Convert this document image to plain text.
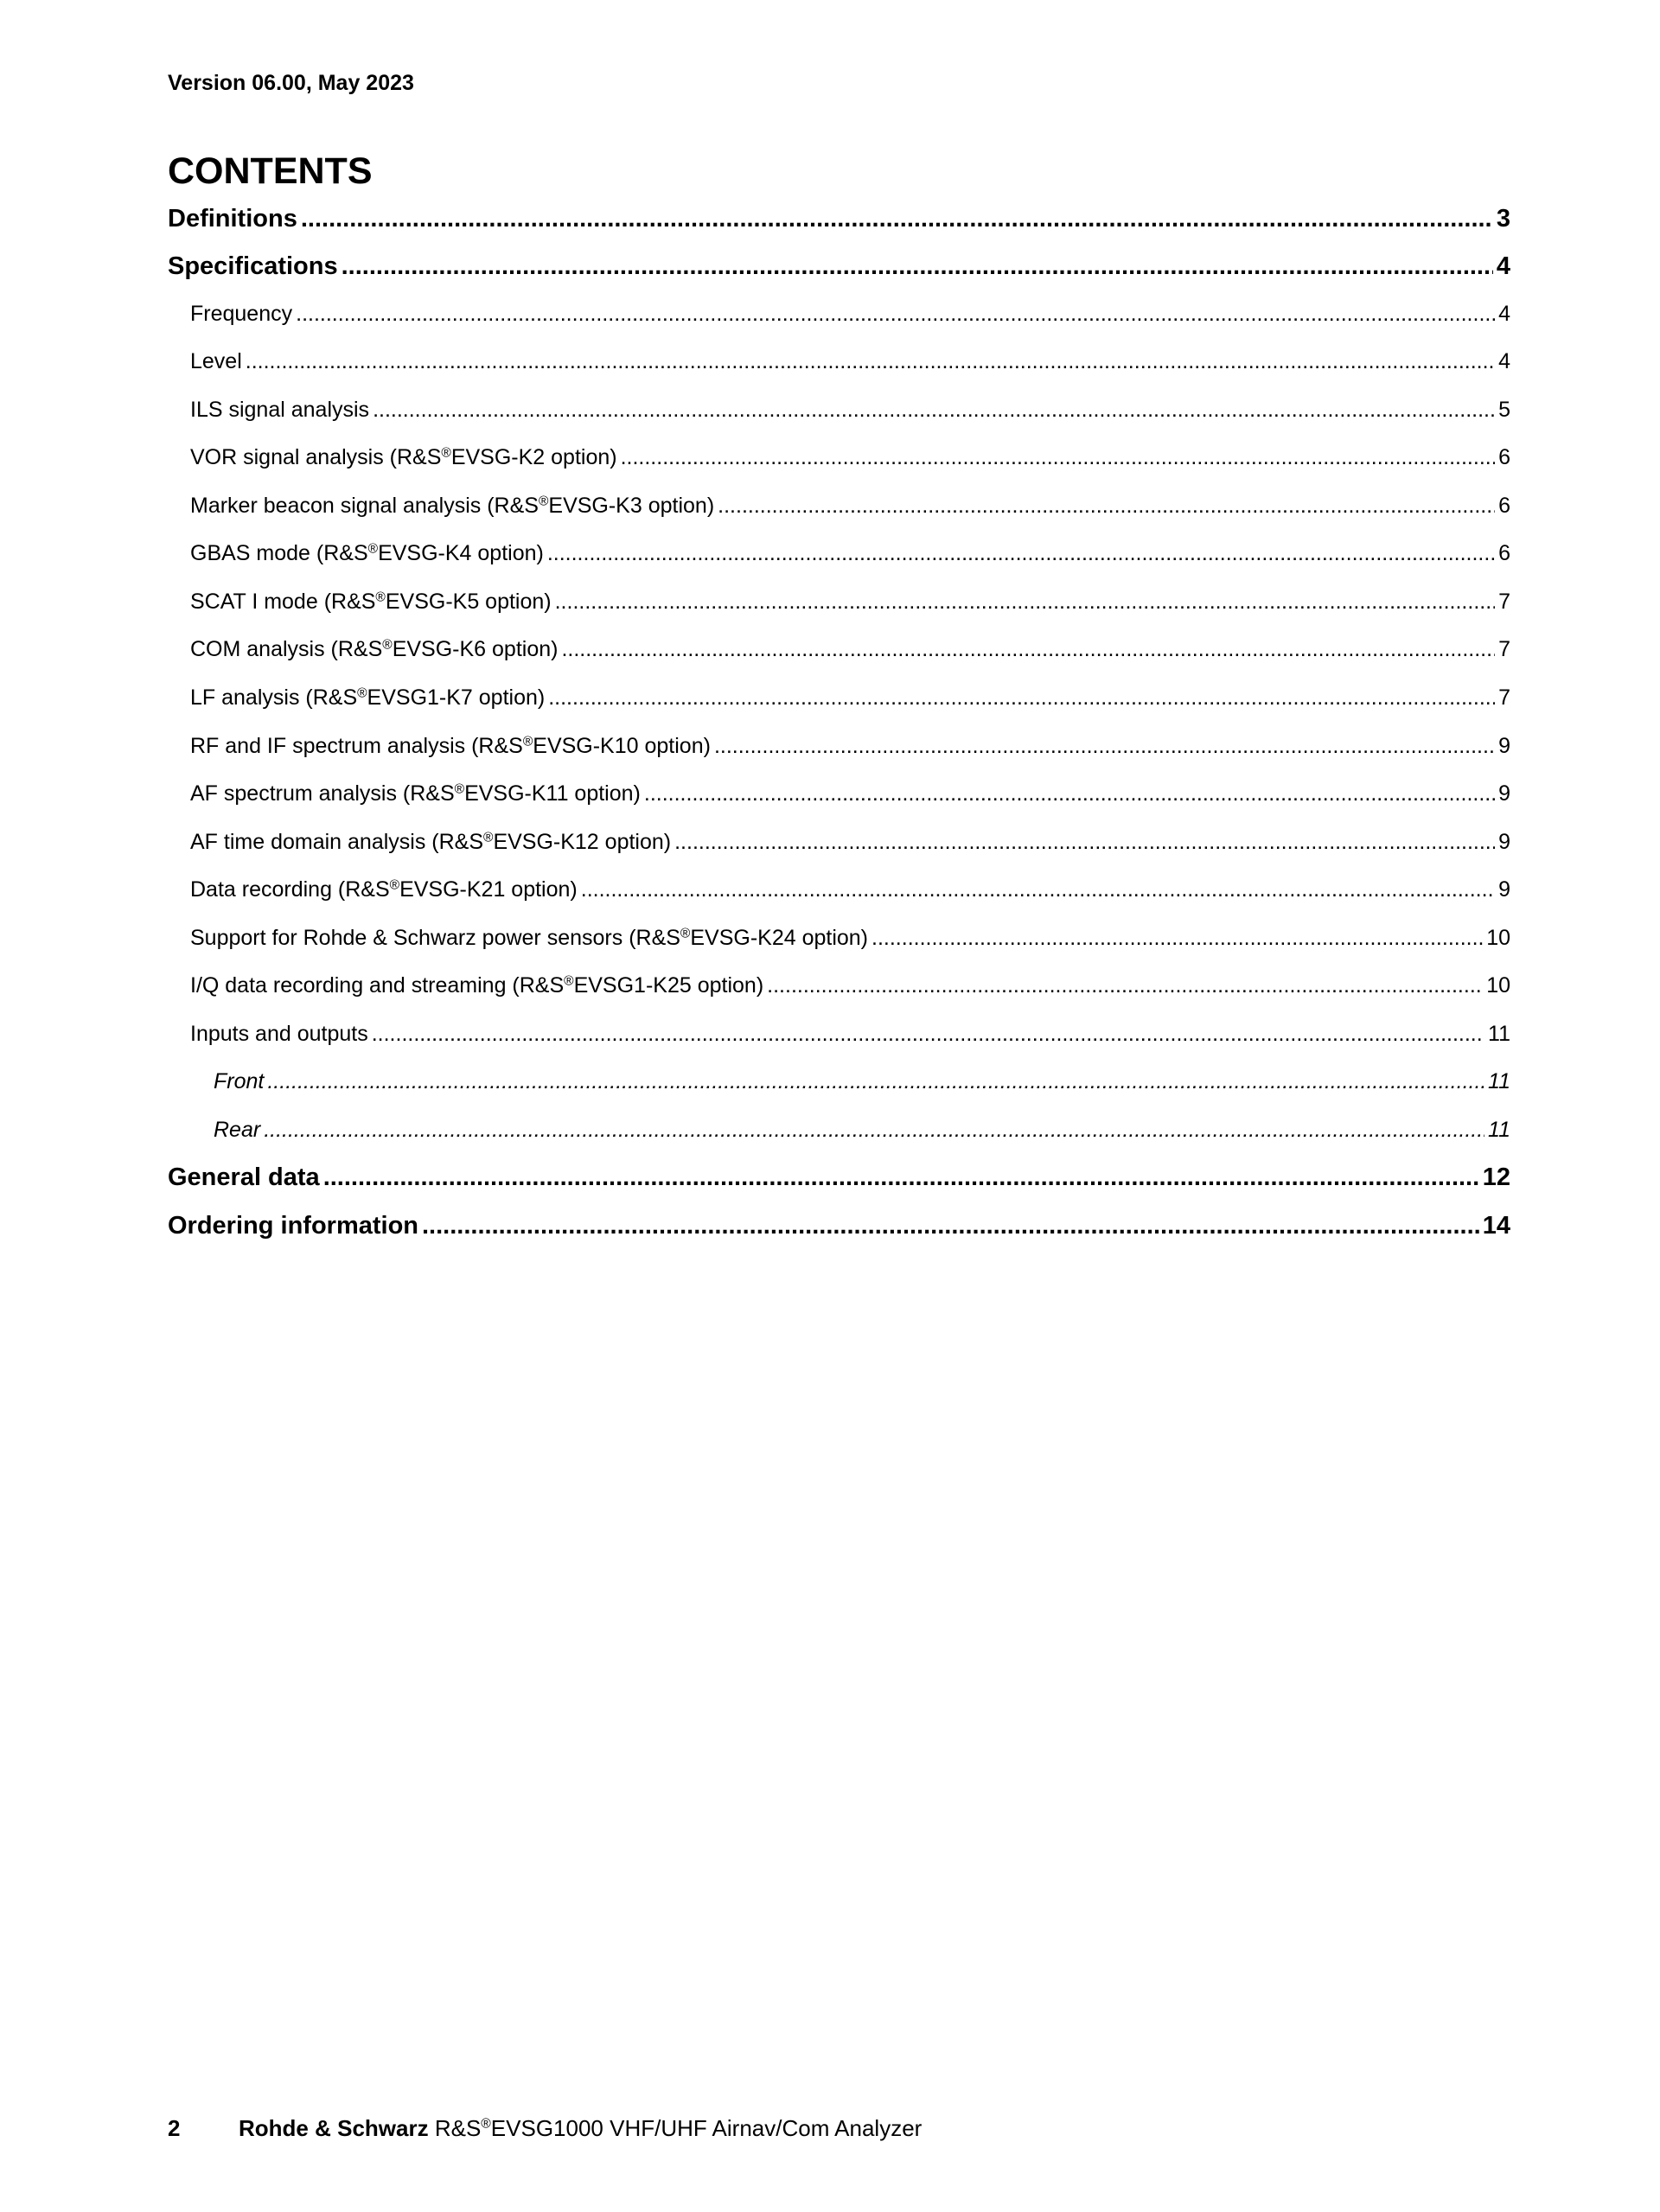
Version 06.00, May 2023
CONTENTS
Definitions .....	3
Specifications .....	4
Frequency .....	4
Level .....	4
ILS signal analysis .....	5
VOR signal analysis (R&S®EVSG-K2 option) .....	6
Marker beacon signal analysis (R&S®EVSG-K3 option) .....	6
GBAS mode (R&S®EVSG-K4 option) .....	6
SCAT I mode (R&S®EVSG-K5 option) .....	7
COM analysis (R&S®EVSG-K6 option) .....	7
LF analysis (R&S®EVSG1-K7 option) .....	7
RF and IF spectrum analysis (R&S®EVSG-K10 option) .....	9
AF spectrum analysis (R&S®EVSG-K11 option) .....	9
AF time domain analysis (R&S®EVSG-K12 option) .....	9
Data recording (R&S®EVSG-K21 option) .....	9
Support for Rohde & Schwarz power sensors (R&S®EVSG-K24 option) .....	10
I/Q data recording and streaming (R&S®EVSG1-K25 option) .....	10
Inputs and outputs .....	11
Front .....	11
Rear .....	11
General data .....	12
Ordering information .....	14
2	Rohde & Schwarz R&S®EVSG1000 VHF/UHF Airnav/Com Analyzer
